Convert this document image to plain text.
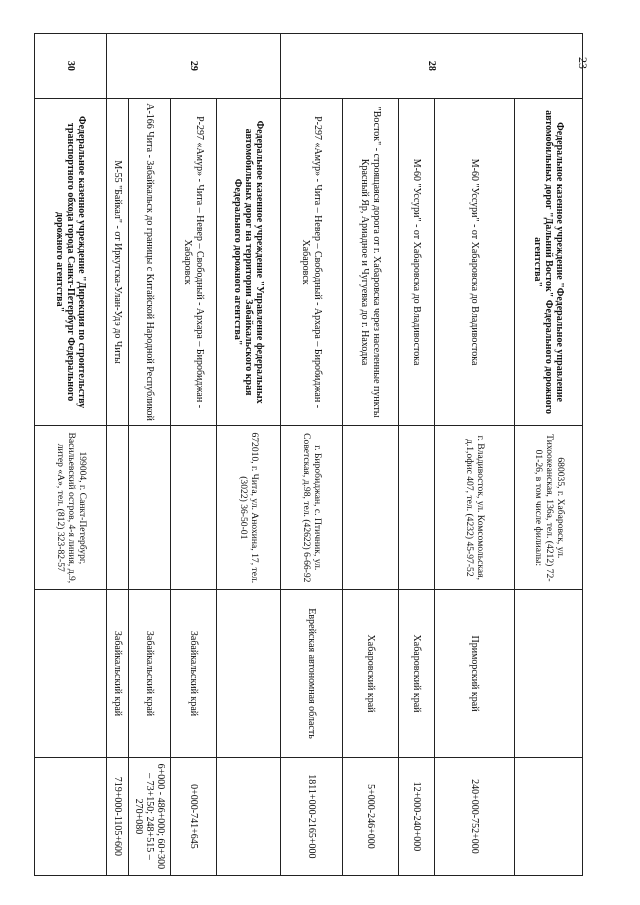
23
28	Федеральное казенное учреждение "Федеральное управление автомобильных дорог "Дальний Восток" Федерального дорожного агентства"	680035, г. Хабаровск, ул. Тихоокеанская, 136а, тел. (4212) 72-01-26, в том числе филиалы:		
	М-60 "Уссури" - от Хабаровска до Владивостока	г. Владивосток, ул. Комсомольская, д.1,офис 407, тел. (4232) 45-97-52	Приморский край	240+000-752+000
	М-60 "Уссури" - от Хабаровска до Владивостока		Хабаровский край	12+000-240+000
	"Восток" - строящаяся дорога от г. Хабаровска через населенные пункты Красный Яр, Ариадное и Чугуевка до г. Находка		Хабаровский край	5+000-246+000
	Р-297 «Амур» - Чита – Невер – Свободный - Архара – Биробиджан - Хабаровск	г. Биробиджан, с. Птичник, ул. Советская, д.98, тел. (42622) 6-66-92	Еврейская автономная область	1811+000-2165+000
29	Федеральное казенное учреждение "Управление федеральных автомобильных дорог на территории Забайкальского края Федерального дорожного агентства"	672010, г. Чита, ул. Анохина, 17, тел. (3022) 36-50-01		
	Р-297 «Амур» - Чита – Невер – Свободный - Архара – Биробиджан - Хабаровск		Забайкальский край	0+000-741+645
	А-166 Чита - Забайкальск до границы с Китайской Народной Республикой		Забайкальский край	6+000 - 486+000; 60+300 – 73+150; 248+515 – 270+080
	М-55 "Байкал" - от Иркутска-Улан-Удэ до Читы		Забайкальский край	719+000-1105+600
30	Федеральное казенное учреждение "Дирекция по строительству транспортного обхода города Санкт-Петербург Федерального дорожного агентства"	199004, г. Санкт-Петербург, Васильевский остров, 4-я линия, д.9, литер «А», тел. (812) 323-82-57		
